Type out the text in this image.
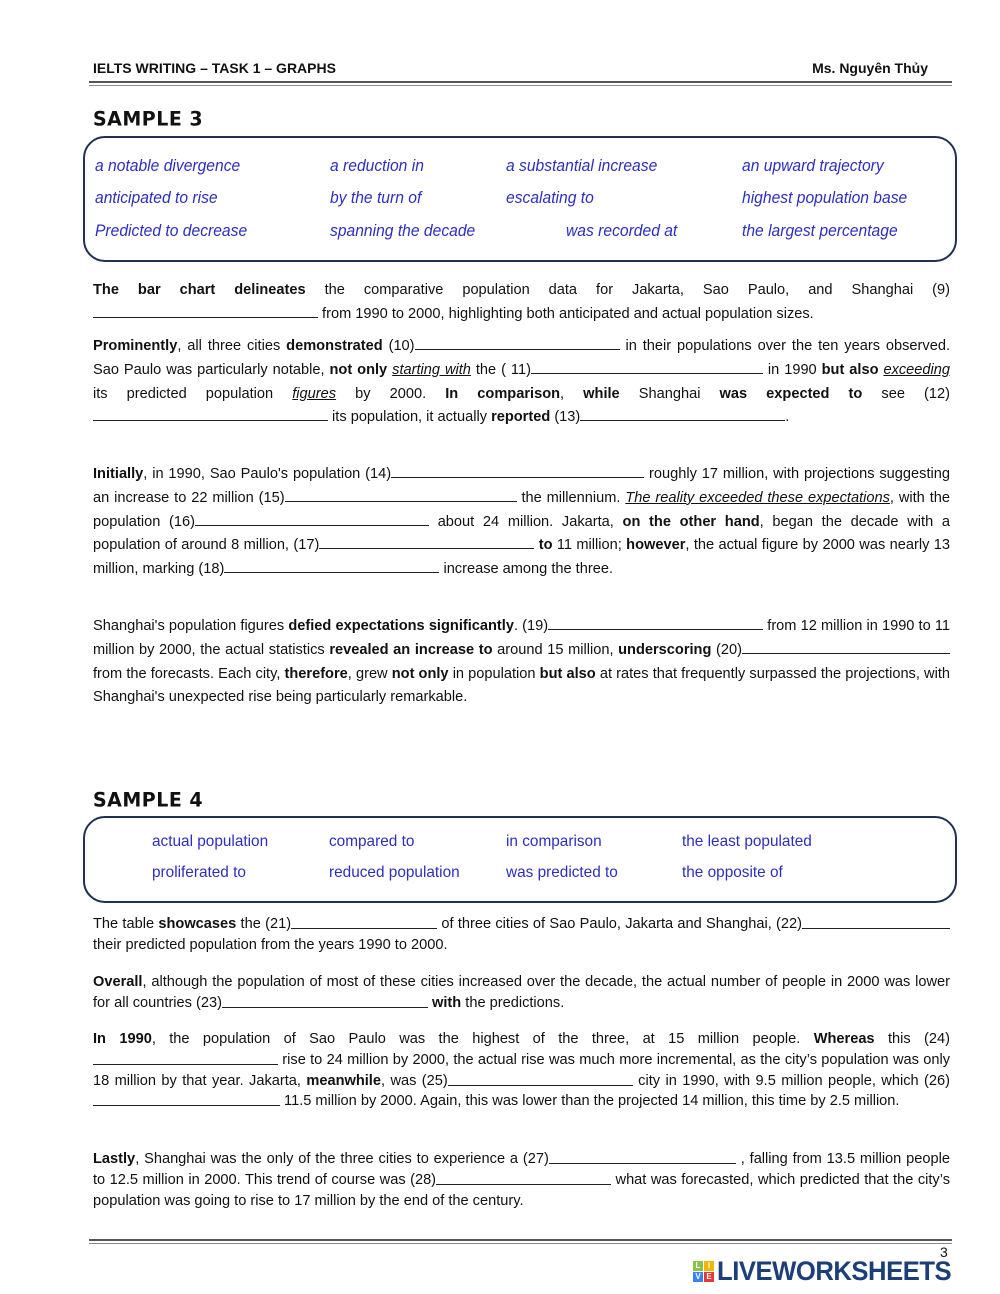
IELTS WRITING – TASK 1 – GRAPHS	Ms. Nguyên Thủy
SAMPLE 3
a notable divergence	a reduction in	a substantial increase	an upward trajectory
anticipated to rise	by the turn of	escalating to	highest population base
Predicted to decrease	spanning the decade	was recorded at	the largest percentage
The bar chart delineates the comparative population data for Jakarta, Sao Paulo, and Shanghai (9) from 1990 to 2000, highlighting both anticipated and actual population sizes.
Prominently, all three cities demonstrated (10)	in their populations over the ten years observed. Sao Paulo was particularly notable, not only starting with the ( 11)	in 1990 but also exceeding its predicted population figures by 2000. In comparison, while Shanghai was expected to see (12) its population, it actually reported (13)	.
Initially, in 1990, Sao Paulo's population (14)	roughly 17 million, with projections suggesting an increase to 22 million (15)	the millennium. The reality exceeded these expectations, with the population (16)	about 24 million. Jakarta, on the other hand, began the decade with a population of around 8 million, (17)	to 11 million; however, the actual figure by 2000 was nearly 13 million, marking (18)	increase among the three.
Shanghai's population figures defied expectations significantly. (19)	from 12 million in 1990 to 11 million by 2000, the actual statistics revealed an increase to around 15 million, underscoring (20) from the forecasts. Each city, therefore, grew not only in population but also at rates that frequently surpassed the projections, with Shanghai's unexpected rise being particularly remarkable.
SAMPLE 4
actual population	compared to	in comparison	the least populated
proliferated to	reduced population	was predicted to	the opposite of
The table showcases the (21)	of three cities of Sao Paulo, Jakarta and Shanghai, (22) their predicted population from the years 1990 to 2000.
Overall, although the population of most of these cities increased over the decade, the actual number of people in 2000 was lower for all countries (23)	with the predictions.
In 1990, the population of Sao Paulo was the highest of the three, at 15 million people. Whereas this (24) rise to 24 million by 2000, the actual rise was much more incremental, as the city’s population was only 18 million by that year. Jakarta, meanwhile, was (25)	city in 1990, with 9.5 million people, which (26) 11.5 million by 2000. Again, this was lower than the projected 14 million, this time by 2.5 million.
Lastly, Shanghai was the only of the three cities to experience a (27)	, falling from 13.5 million people to 12.5 million in 2000. This trend of course was (28)	what was forecasted, which predicted that the city’s population was going to rise to 17 million by the end of the century.
3
L I
V E LIVEWORKSHEETS
